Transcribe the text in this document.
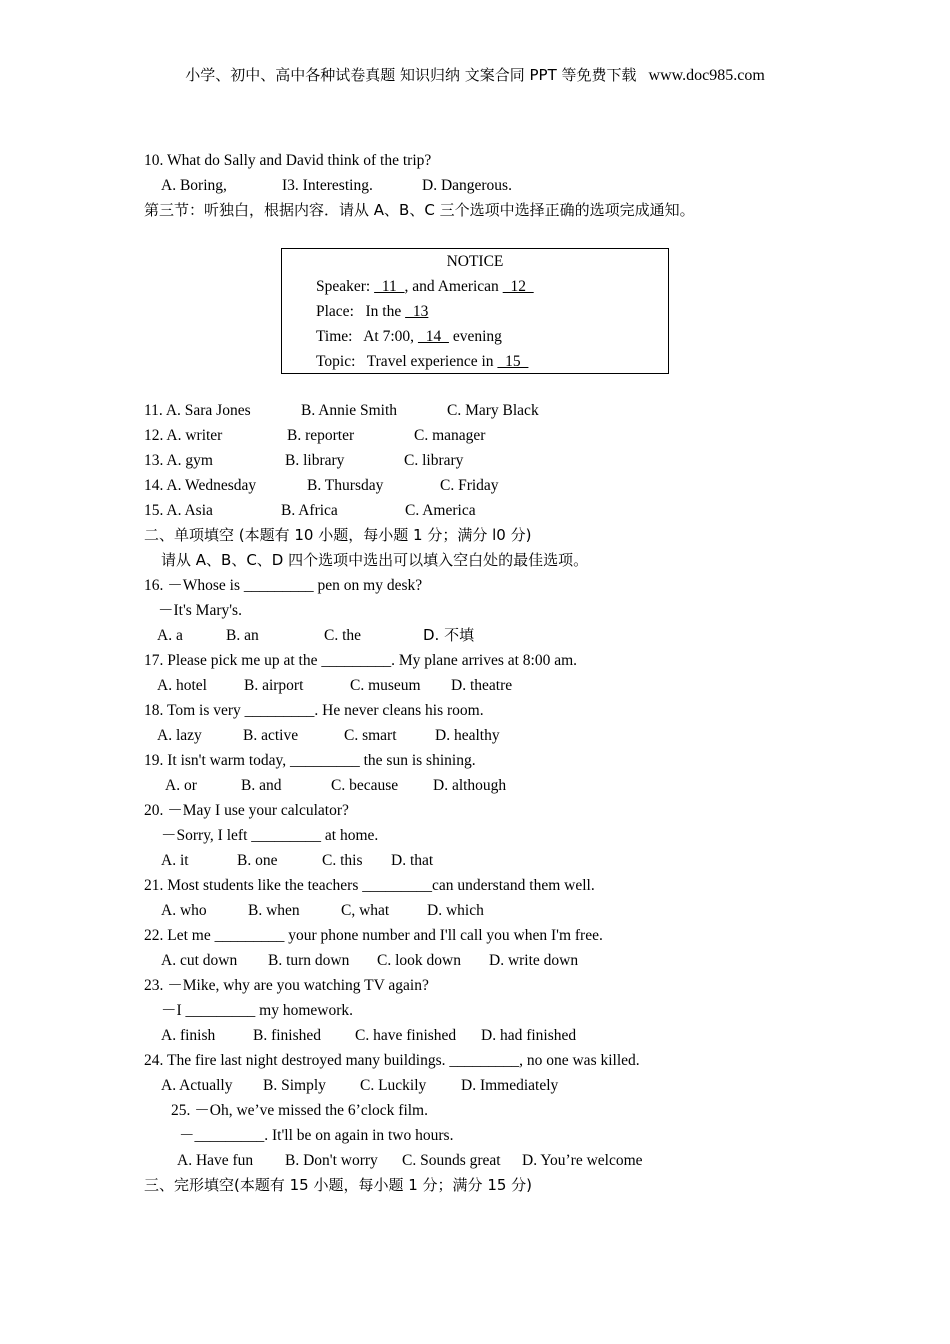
小学、初中、高中各种试卷真题 知识归纳 文案合同 PPT 等免费下载 www.doc985.com
10. What do Sally and David think of the trip?
A. Boring,	I3. Interesting.	D. Dangerous.
第三节：听独白，根据内容．请从 A、B、C 三个选项中选择正确的选项完成通知。
NOTICE
Speaker:   11  , and American   12
Place:   In the   13
Time:   At 7:00,   14   evening
Topic:   Travel experience in   15
11. A. Sara Jones	B. Annie Smith	C. Mary Black
12. A. writer	B. reporter	C. manager
13. A. gym	B. library	C. library
14. A. Wednesday	B. Thursday	C. Friday
15. A. Asia	B. Africa	C. America
二、单项填空 (本题有 10 小题，每小题 1 分；满分 l0 分)
请从 A、B、C、D 四个选项中选出可以填入空白处的最佳选项。
16. －Whose is _________ pen on my desk?
－It's Mary's.
A. a	B. an	C. the	D. 不填
17. Please pick me up at the _________. My plane arrives at 8:00 am.
A. hotel B. airport	C. museum D. theatre
18. Tom is very _________. He never cleans his room.
A. lazy	B. active	C. smart D. healthy
19. It isn't warm today, _________ the sun is shining.
A. or	B. and	C. because D. although
20. －May I use your calculator?
－Sorry, I left _________ at home.
A. it	B. one	C. this D. that
21. Most students like the teachers _________can understand them well.
A. who	B. when	C, what D. which
22. Let me _________ your phone number and I'll call you when I'm free.
A. cut down B. turn down C. look down D. write down
23. －Mike, why are you watching TV again?
－I _________ my homework.
A. finish B. finished C. have finished D. had finished
24. The fire last night destroyed many buildings. _________, no one was killed.
A. Actually B. Simply C. Luckily D. Immediately
25. －Oh, we’ve missed the 6’clock film.
－_________. It'll be on again in two hours.
A. Have fun B. Don't worry C. Sounds great D. You’re welcome
三、完形填空(本题有 15 小题，每小题 1 分；满分 15 分)
